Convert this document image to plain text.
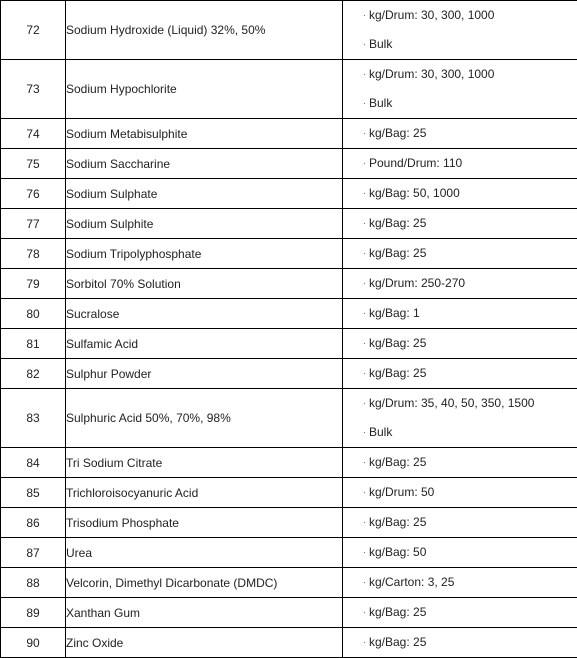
72	Sodium Hydroxide (Liquid) 32%, 50%	· kg/Drum: 30, 300, 1000
· Bulk

73	Sodium Hypochlorite	· kg/Drum: 30, 300, 1000
· Bulk

74	Sodium Metabisulphite	· kg/Bag: 25

75	Sodium Saccharine	· Pound/Drum: 110

76	Sodium Sulphate	· kg/Bag: 50, 1000

77	Sodium Sulphite	· kg/Bag: 25

78	Sodium Tripolyphosphate	· kg/Bag: 25

79	Sorbitol 70% Solution	· kg/Drum: 250-270

80	Sucralose	· kg/Bag: 1

81	Sulfamic Acid	· kg/Bag: 25

82	Sulphur Powder	· kg/Bag: 25

83	Sulphuric Acid 50%, 70%, 98%	· kg/Drum: 35, 40, 50, 350, 1500
· Bulk

84	Tri Sodium Citrate	· kg/Bag: 25

85	Trichloroisocyanuric Acid	· kg/Drum: 50

86	Trisodium Phosphate	· kg/Bag: 25

87	Urea	· kg/Bag: 50

88	Velcorin, Dimethyl Dicarbonate (DMDC)	· kg/Carton: 3, 25

89	Xanthan Gum	· kg/Bag: 25

90	Zinc Oxide	· kg/Bag: 25
